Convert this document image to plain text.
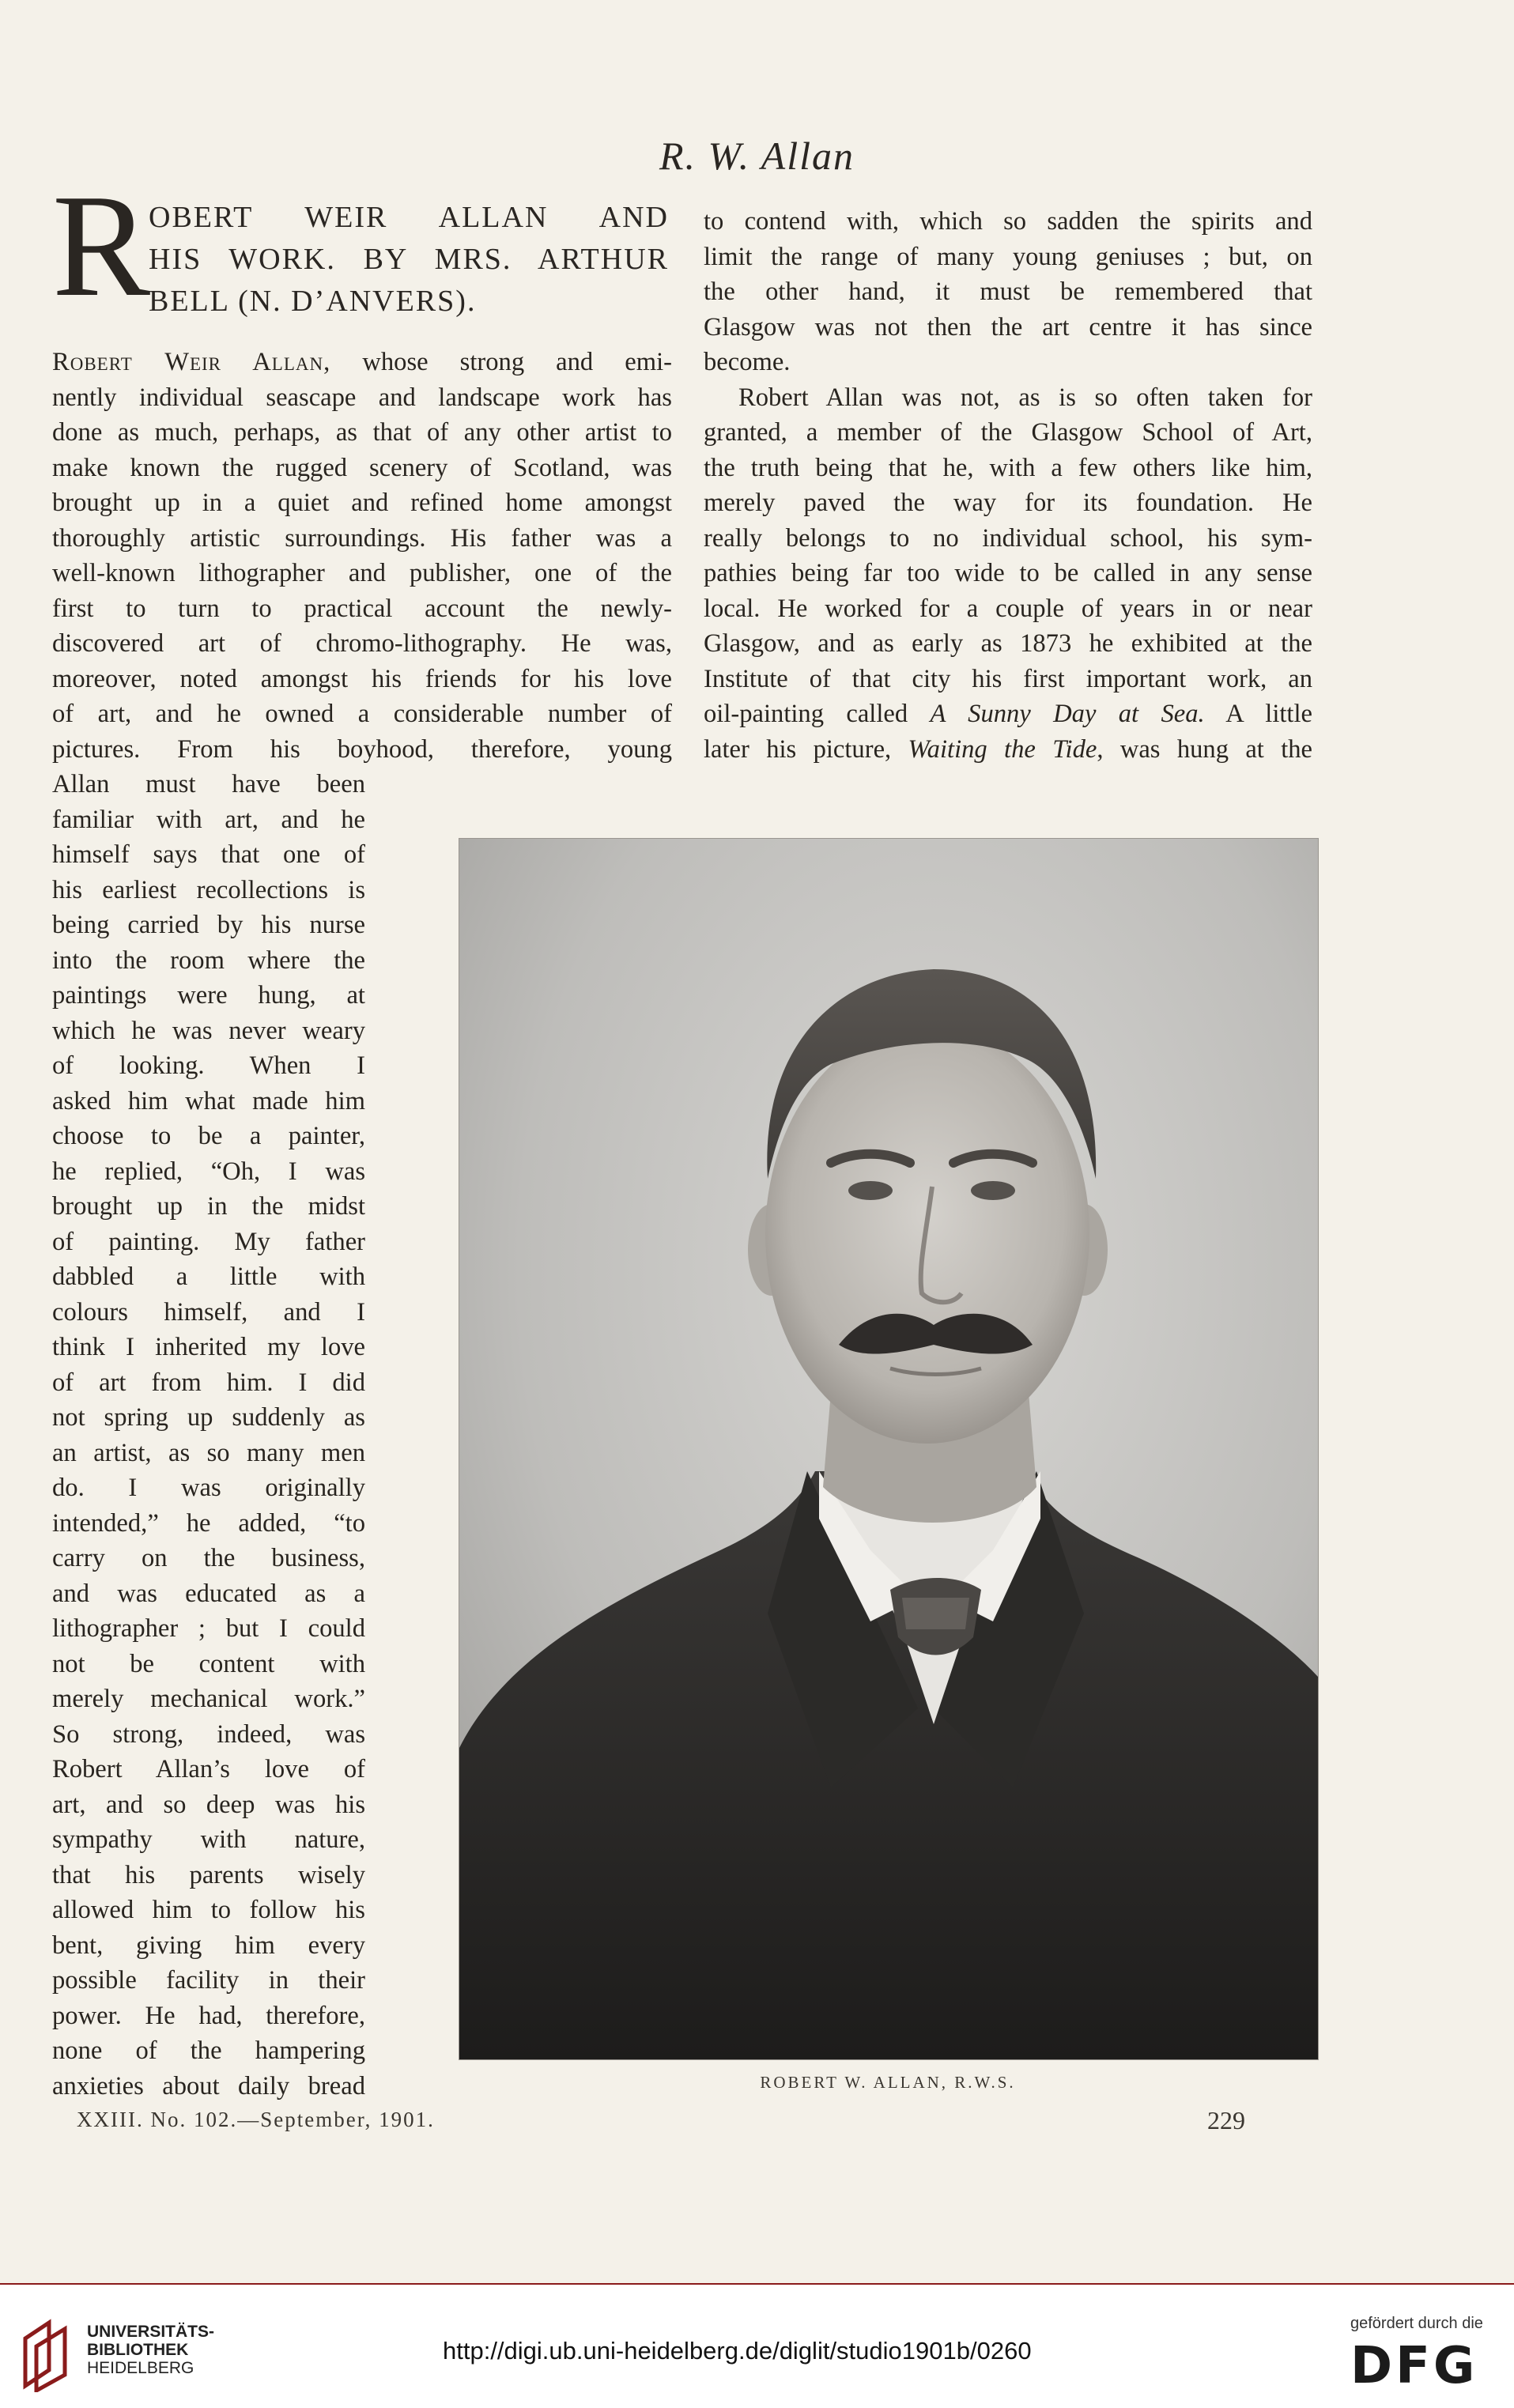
R. W. Allan
R
OBERT WEIR ALLAN AND
HIS WORK. BY MRS. ARTHUR
BELL (N. D’ANVERS).
Robert Weir Allan, whose strong and emi-
nently individual seascape and landscape work has
done as much, perhaps, as that of any other artist to
make known the rugged scenery of Scotland, was
brought up in a quiet and refined home amongst
thoroughly artistic surroundings. His father was a
well-known lithographer and publisher, one of the
first to turn to practical account the newly-
discovered art of chromo-lithography. He was,
moreover, noted amongst his friends for his love
of art, and he owned a considerable number of
pictures. From his boyhood, therefore, young
Allan must have been
familiar with art, and he
himself says that one of
his earliest recollections is
being carried by his nurse
into the room where the
paintings were hung, at
which he was never weary
of looking. When I
asked him what made him
choose to be a painter,
he replied, “Oh, I was
brought up in the midst
of painting. My father
dabbled a little with
colours himself, and I
think I inherited my love
of art from him. I did
not spring up suddenly as
an artist, as so many men
do. I was originally
intended,” he added, “to
carry on the business,
and was educated as a
lithographer ; but I could
not be content with
merely mechanical work.”
So strong, indeed, was
Robert Allan’s love of
art, and so deep was his
sympathy with nature,
that his parents wisely
allowed him to follow his
bent, giving him every
possible facility in their
power. He had, therefore,
none of the hampering
anxieties about daily bread
to contend with, which so sadden the spirits and
limit the range of many young geniuses ; but, on
the other hand, it must be remembered that
Glasgow was not then the art centre it has since
become.
Robert Allan was not, as is so often taken for
granted, a member of the Glasgow School of Art,
the truth being that he, with a few others like him,
merely paved the way for its foundation. He
really belongs to no individual school, his sym-
pathies being far too wide to be called in any sense
local. He worked for a couple of years in or near
Glasgow, and as early as 1873 he exhibited at the
Institute of that city his first important work, an
oil-painting called A Sunny Day at Sea. A little
later his picture, Waiting the Tide, was hung at the
ROBERT W. ALLAN, R.W.S.
XXIII. No. 102.—September, 1901.	229
UNIVERSITÄTS-
BIBLIOTHEK
HEIDELBERG
http://digi.ub.uni-heidelberg.de/diglit/studio1901b/0260
gefördert durch die
DFG
